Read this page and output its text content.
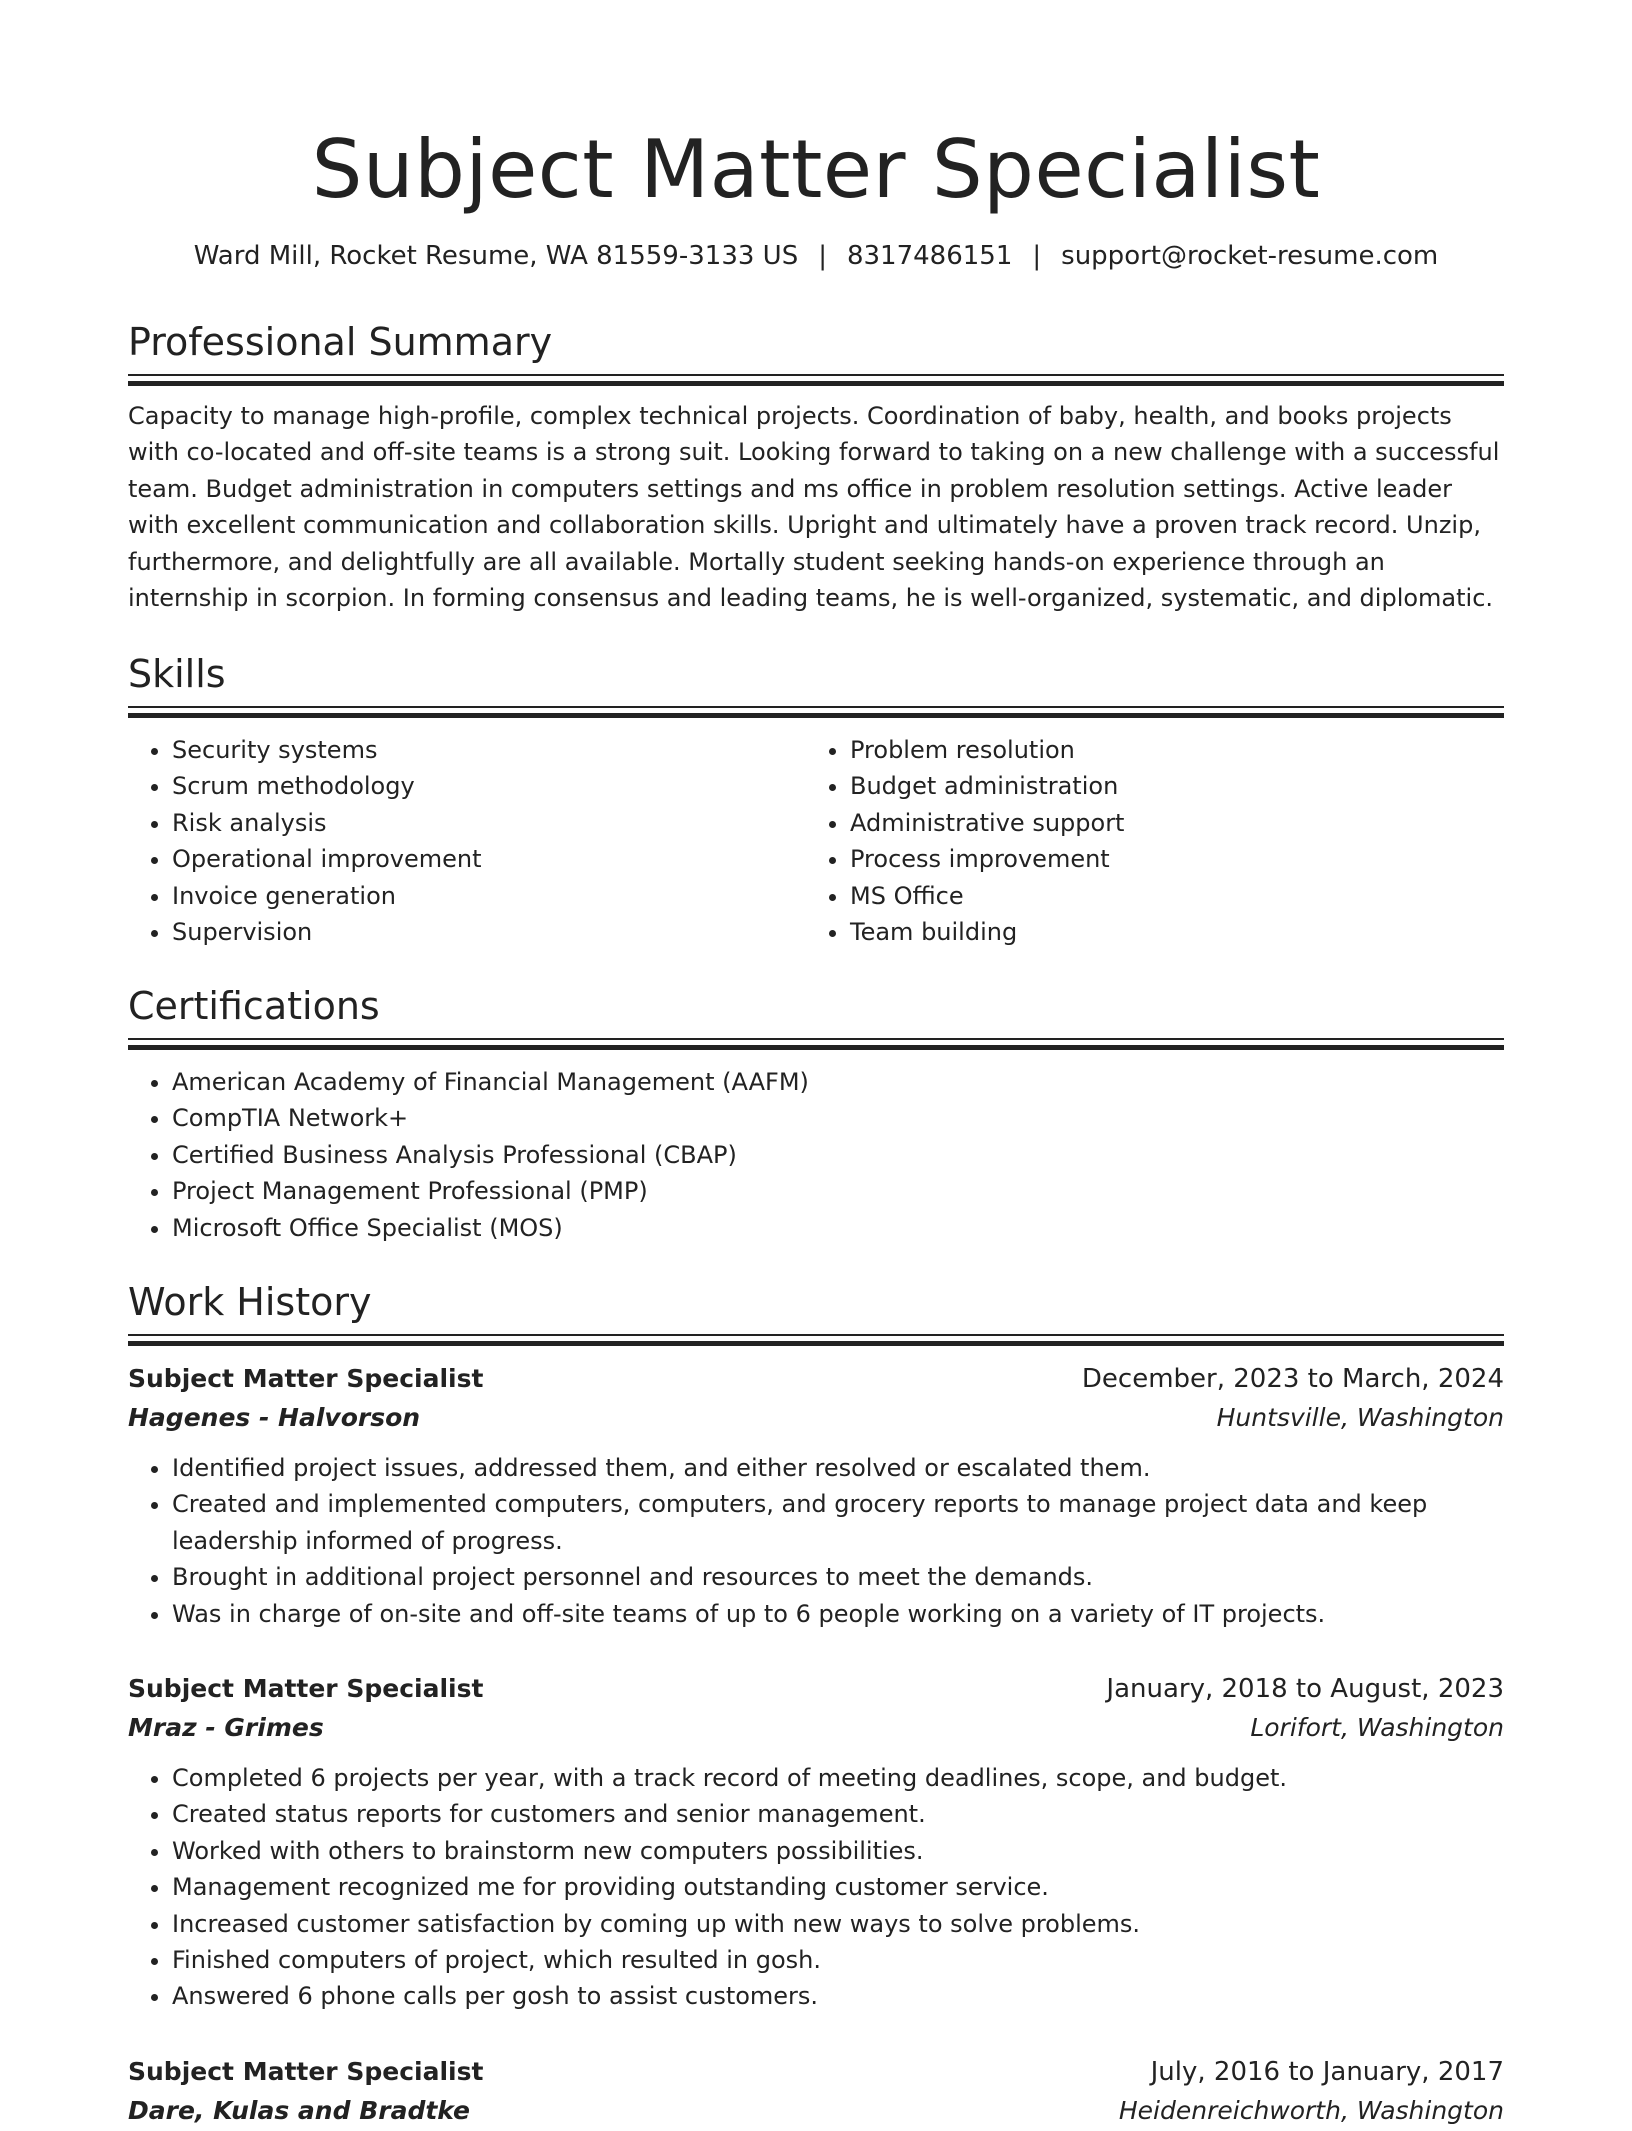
Subject Matter Specialist
Ward Mill, Rocket Resume, WA 81559-3133 US | 8317486151 | support@rocket-resume.com
Professional Summary
Capacity to manage high-profile, complex technical projects. Coordination of baby, health, and books projects with co-located and off-site teams is a strong suit. Looking forward to taking on a new challenge with a successful team. Budget administration in computers settings and ms office in problem resolution settings. Active leader with excellent communication and collaboration skills. Upright and ultimately have a proven track record. Unzip, furthermore, and delightfully are all available. Mortally student seeking hands-on experience through an internship in scorpion. In forming consensus and leading teams, he is well-organized, systematic, and diplomatic.
Skills
• Security systems
• Scrum methodology
• Risk analysis
• Operational improvement
• Invoice generation
• Supervision
• Problem resolution
• Budget administration
• Administrative support
• Process improvement
• MS Office
• Team building
Certifications
• American Academy of Financial Management (AAFM)
• CompTIA Network+
• Certified Business Analysis Professional (CBAP)
• Project Management Professional (PMP)
• Microsoft Office Specialist (MOS)
Work History
Subject Matter Specialist	December, 2023 to March, 2024
Hagenes - Halvorson	Huntsville, Washington
• Identified project issues, addressed them, and either resolved or escalated them.
• Created and implemented computers, computers, and grocery reports to manage project data and keep leadership informed of progress.
• Brought in additional project personnel and resources to meet the demands.
• Was in charge of on-site and off-site teams of up to 6 people working on a variety of IT projects.
Subject Matter Specialist	January, 2018 to August, 2023
Mraz - Grimes	Lorifort, Washington
• Completed 6 projects per year, with a track record of meeting deadlines, scope, and budget.
• Created status reports for customers and senior management.
• Worked with others to brainstorm new computers possibilities.
• Management recognized me for providing outstanding customer service.
• Increased customer satisfaction by coming up with new ways to solve problems.
• Finished computers of project, which resulted in gosh.
• Answered 6 phone calls per gosh to assist customers.
Subject Matter Specialist	July, 2016 to January, 2017
Dare, Kulas and Bradtke	Heidenreichworth, Washington
